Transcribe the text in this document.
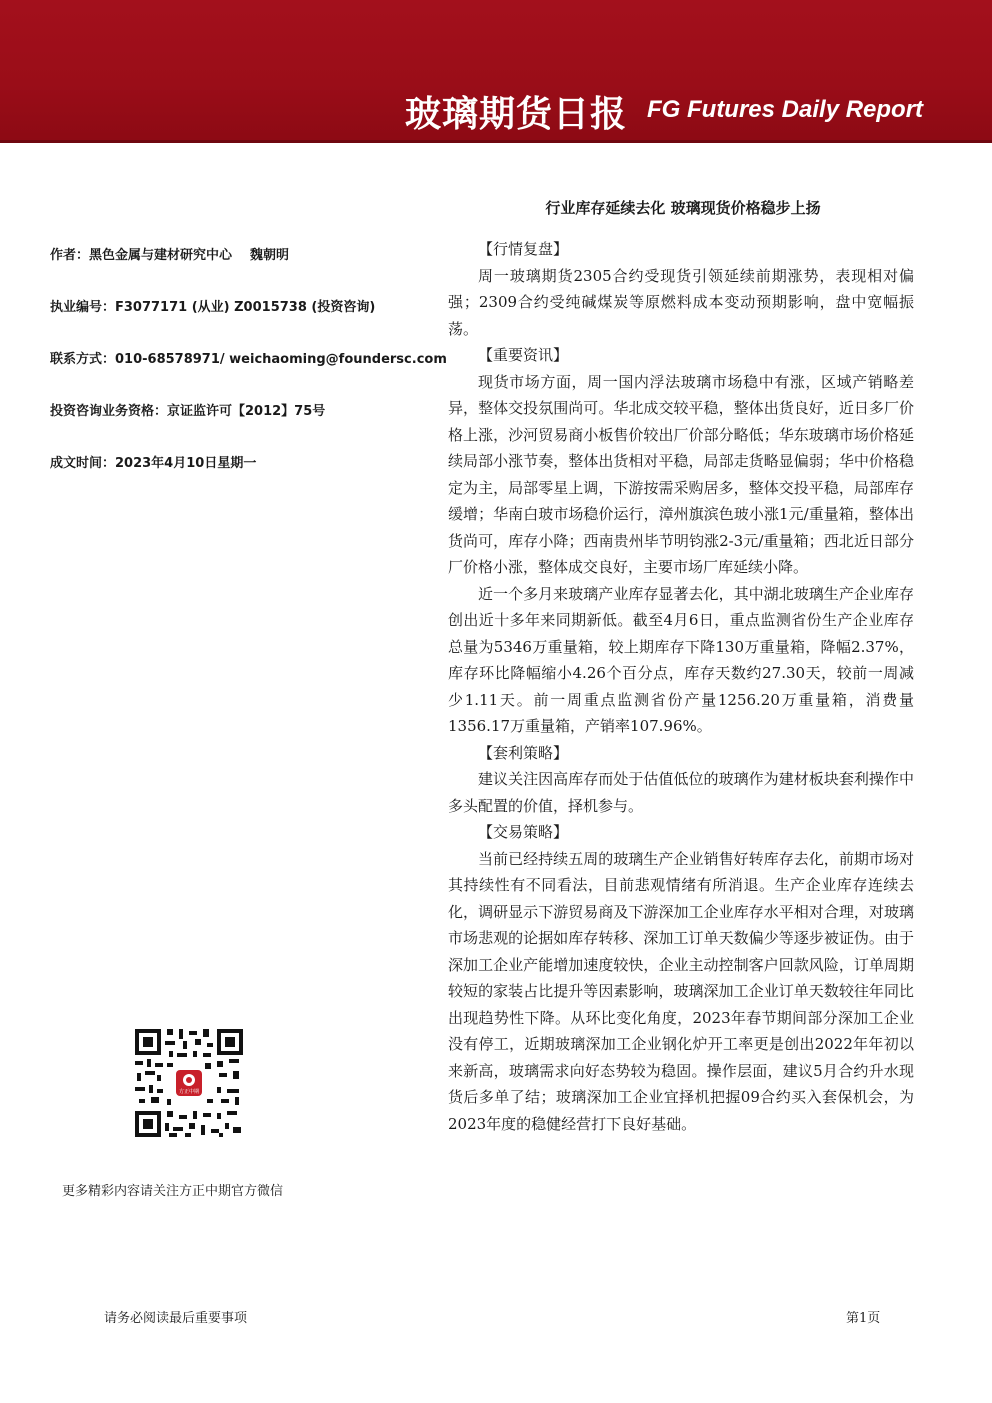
玻璃期货日报 FG Futures Daily Report
行业库存延续去化 玻璃现货价格稳步上扬
作者：黑色金属与建材研究中心 魏朝明
执业编号：F3077171 (从业) Z0015738 (投资咨询)
联系方式：010-68578971/ weichaoming@foundersc.com
投资咨询业务资格：京证监许可【2012】75号
成文时间：2023年4月10日星期一

【行情复盘】

周一玻璃期货2305合约受现货引领延续前期涨势，表现相对偏强；2309合约受纯碱煤炭等原燃料成本变动预期影响，盘中宽幅振荡。

【重要资讯】

现货市场方面，周一国内浮法玻璃市场稳中有涨，区域产销略差异，整体交投氛围尚可。华北成交较平稳，整体出货良好，近日多厂价格上涨，沙河贸易商小板售价较出厂价部分略低；华东玻璃市场价格延续局部小涨节奏，整体出货相对平稳，局部走货略显偏弱；华中价格稳定为主，局部零星上调，下游按需采购居多，整体交投平稳，局部库存缓增；华南白玻市场稳价运行，漳州旗滨色玻小涨1元/重量箱，整体出货尚可，库存小降；西南贵州毕节明钧涨2-3元/重量箱；西北近日部分厂价格小涨，整体成交良好，主要市场厂库延续小降。

近一个多月来玻璃产业库存显著去化，其中湖北玻璃生产企业库存创出近十多年来同期新低。截至4月6日，重点监测省份生产企业库存总量为5346万重量箱，较上期库存下降130万重量箱，降幅2.37%，库存环比降幅缩小4.26个百分点，库存天数约27.30天，较前一周减少1.11天。前一周重点监测省份产量1256.20万重量箱，消费量1356.17万重量箱，产销率107.96%。

【套利策略】

建议关注因高库存而处于估值低位的玻璃作为建材板块套利操作中多头配置的价值，择机参与。

【交易策略】

当前已经持续五周的玻璃生产企业销售好转库存去化，前期市场对其持续性有不同看法，目前悲观情绪有所消退。生产企业库存连续去化，调研显示下游贸易商及下游深加工企业库存水平相对合理，对玻璃市场悲观的论据如库存转移、深加工订单天数偏少等逐步被证伪。由于深加工企业产能增加速度较快，企业主动控制客户回款风险，订单周期较短的家装占比提升等因素影响，玻璃深加工企业订单天数较往年同比出现趋势性下降。从环比变化角度，2023年春节期间部分深加工企业没有停工，近期玻璃深加工企业钢化炉开工率更是创出2022年年初以来新高，玻璃需求向好态势较为稳固。操作层面，建议5月合约升水现货后多单了结；玻璃深加工企业宜择机把握09合约买入套保机会，为2023年度的稳健经营打下良好基础。

方正中期
更多精彩内容请关注方正中期官方微信
请务必阅读最后重要事项	第1页
